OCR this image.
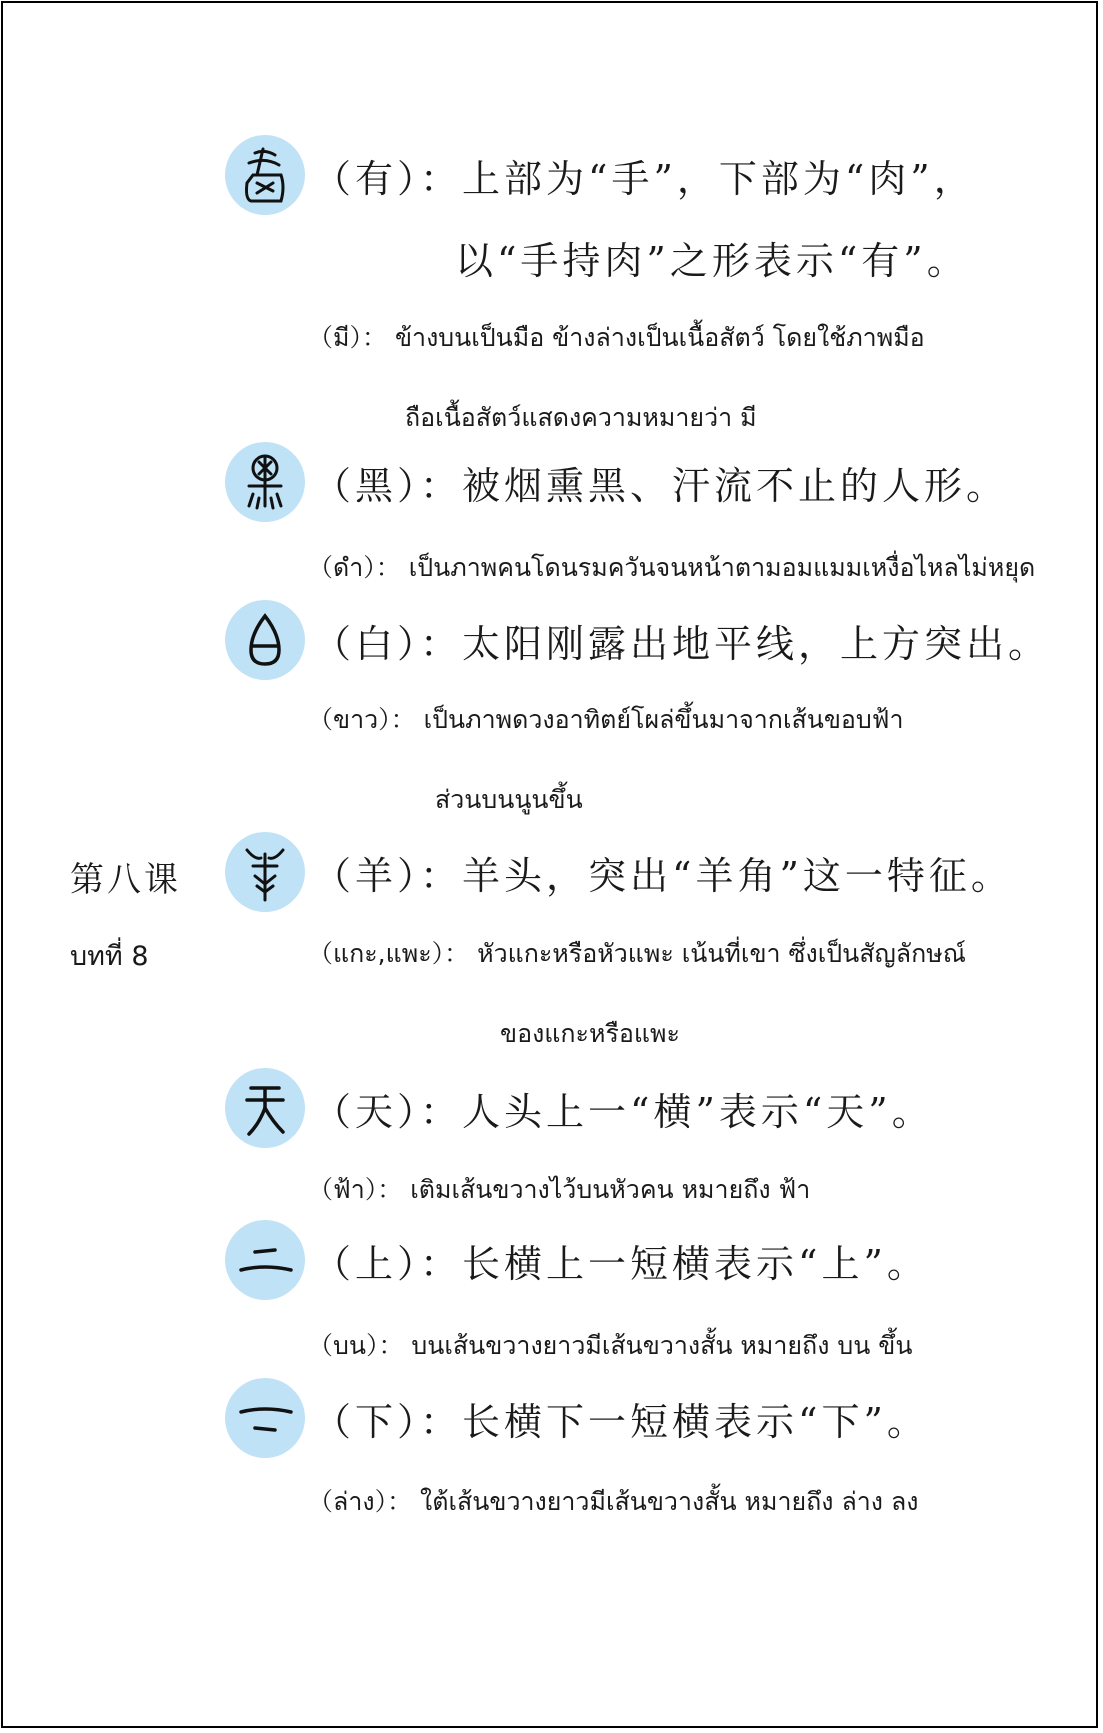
第八课
บทที่ 8
（有）： 上部为“手”，下部为“肉”，
以“手持肉”之形表示“有”。
（มี）： ข้างบนเป็นมือ ข้างล่างเป็นเนื้อสัตว์ โดยใช้ภาพมือ
ถือเนื้อสัตว์แสดงความหมายว่า มี
（黑）： 被烟熏黑、汗流不止的人形。
（ดำ）： เป็นภาพคนโดนรมควันจนหน้าตามอมแมมเหงื่อไหลไม่หยุด
（白）： 太阳刚露出地平线，上方突出。
（ขาว）： เป็นภาพดวงอาทิตย์โผล่ขึ้นมาจากเส้นขอบฟ้า
ส่วนบนนูนขึ้น
（羊）： 羊头，突出“羊角”这一特征。
（แกะ,แพะ）： หัวแกะหรือหัวแพะ เน้นที่เขา ซึ่งเป็นสัญลักษณ์
ของแกะหรือแพะ
（天）： 人头上一“横”表示“天”。
（ฟ้า）： เติมเส้นขวางไว้บนหัวคน หมายถึง ฟ้า
（上）： 长横上一短横表示“上”。
（บน）： บนเส้นขวางยาวมีเส้นขวางสั้น หมายถึง บน ขึ้น
（下）： 长横下一短横表示“下”。
（ล่าง）： ใต้เส้นขวางยาวมีเส้นขวางสั้น หมายถึง ล่าง ลง
